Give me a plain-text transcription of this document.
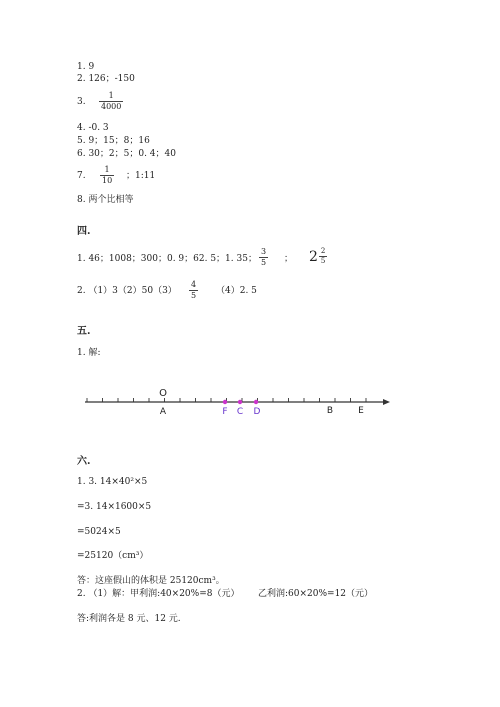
1. 9
2. 126；-150
3.
1
4000
4. -0. 3
5. 9；15；8；16
6. 30；2；5；0. 4；40
7.
1
10 ；1:11
8. 两个比相等
四.
1. 46；1008；300；0. 9；62. 5；1. 35；
3
5 ； $2 \frac{2}{5}$
2. （1）3（2）50（3）
4
5 （4）2. 5
五.
1. 解:
O
A	F C D	B	E
六.
1. 3. 14×40²×5
=3. 14×1600×5
=5024×5
=25120（cm³）
答：这座假山的体积是 25120cm³。
2. （1）解：甲利润:40×20%=8（元） 乙利润:60×20%=12（元）
答:利润各是 8 元、12 元.
